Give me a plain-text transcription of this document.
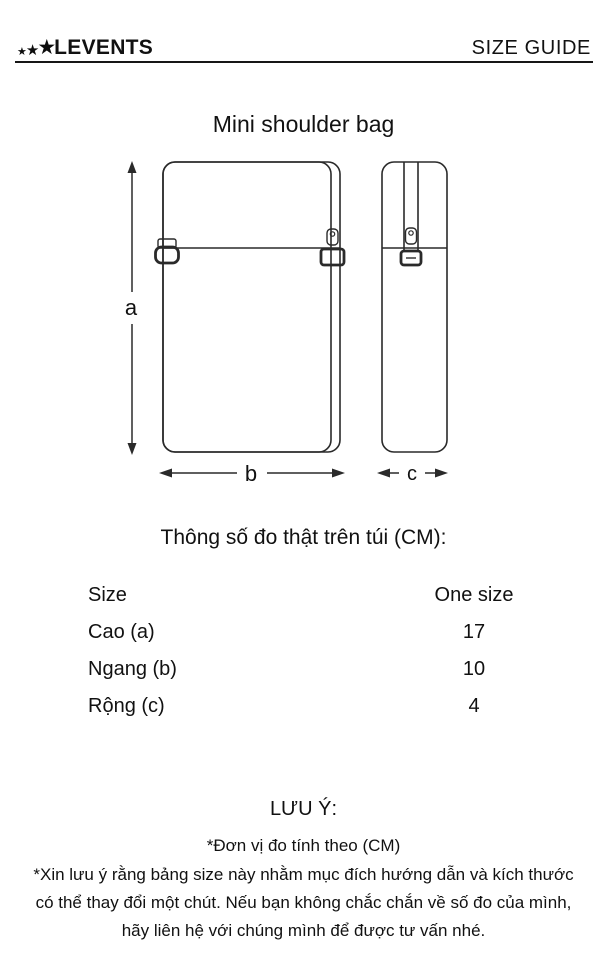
★ ★
★
LEVENTS	SIZE GUIDE
Mini shoulder bag
a
b	c
Thông số đo thật trên túi (CM):
Size	One size
Cao (a)	17
Ngang (b)	10
Rộng (c)	4
LƯU Ý:

*Đơn vị đo tính theo (CM)

*Xin lưu ý rằng bảng size này nhằm mục đích hướng dẫn và kích thước có thể thay đổi một chút. Nếu bạn không chắc chắn về số đo của mình, hãy liên hệ với chúng mình để được tư vấn nhé.
